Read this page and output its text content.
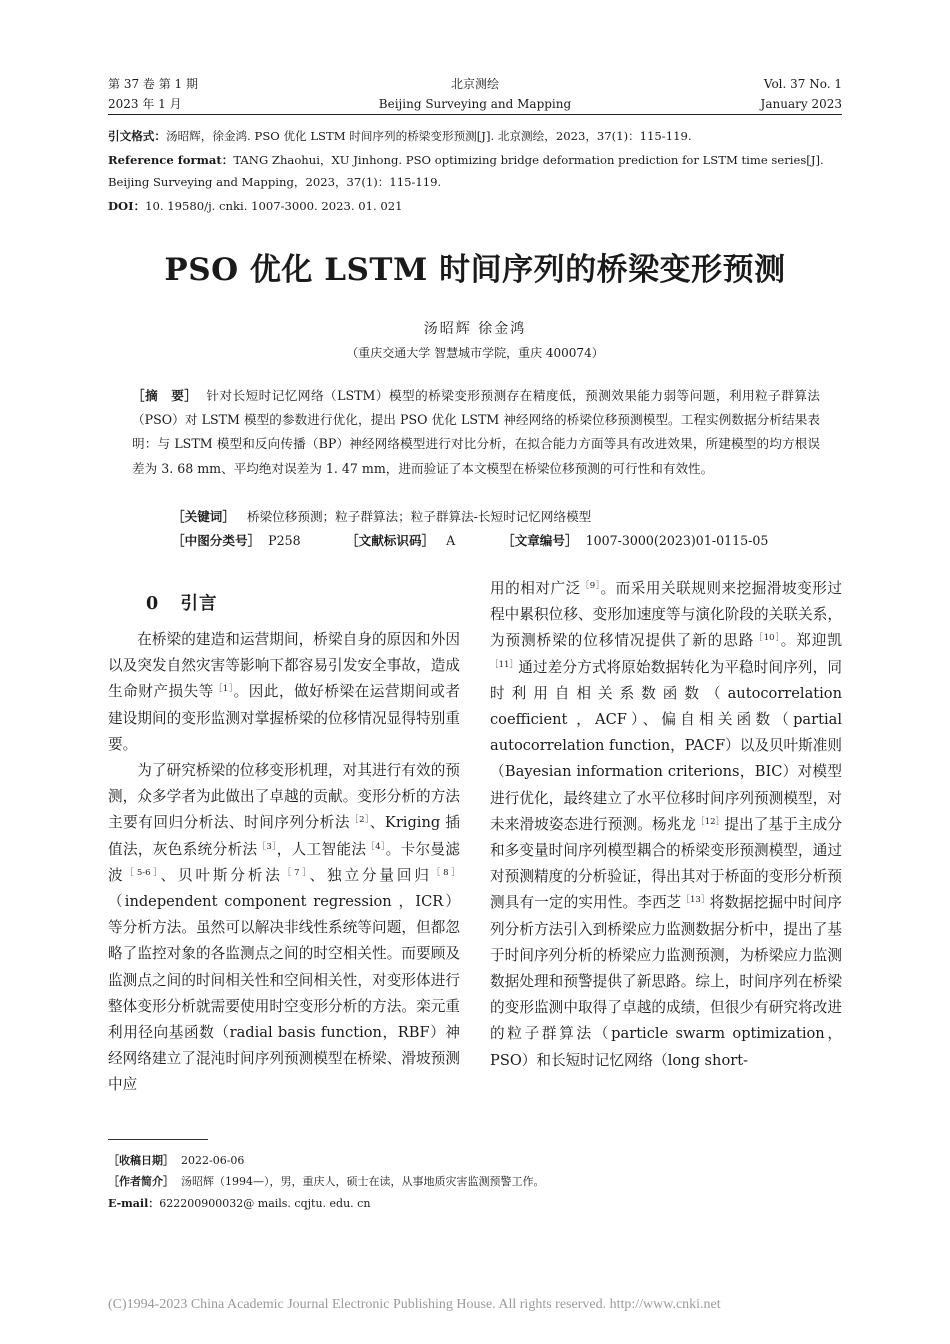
第 37 卷 第 1 期
2023 年 1 月
北京测绘
Beijing Surveying and Mapping
Vol. 37 No. 1
January 2023
引文格式：汤昭辉，徐金鸿. PSO 优化 LSTM 时间序列的桥梁变形预测[J]. 北京测绘，2023，37(1)：115-119.
Reference format：TANG Zhaohui，XU Jinhong. PSO optimizing bridge deformation prediction for LSTM time series[J].
Beijing Surveying and Mapping，2023，37(1)：115-119.
DOI：10. 19580/j. cnki. 1007-3000. 2023. 01. 021
PSO 优化 LSTM 时间序列的桥梁变形预测
汤昭辉 徐金鸿
（重庆交通大学 智慧城市学院，重庆 400074）
［摘　要］ 针对长短时记忆网络（LSTM）模型的桥梁变形预测存在精度低，预测效果能力弱等问题，利用粒子群算法（PSO）对 LSTM 模型的参数进行优化，提出 PSO 优化 LSTM 神经网络的桥梁位移预测模型。工程实例数据分析结果表明：与 LSTM 模型和反向传播（BP）神经网络模型进行对比分析，在拟合能力方面等具有改进效果，所建模型的均方根误差为 3. 68 mm、平均绝对误差为 1. 47 mm，进而验证了本文模型在桥梁位移预测的可行性和有效性。
［关键词］ 桥梁位移预测；粒子群算法；粒子群算法-长短时记忆网络模型
［中图分类号］ P258	［文献标识码］ A	［文章编号］ 1007-3000(2023)01-0115-05
0 引言

在桥梁的建造和运营期间，桥梁自身的原因和外因以及突发自然灾害等影响下都容易引发安全事故，造成生命财产损失等$^{[1]}$。因此，做好桥梁在运营期间或者建设期间的变形监测对掌握桥梁的位移情况显得特别重要。

为了研究桥梁的位移变形机理，对其进行有效的预测，众多学者为此做出了卓越的贡献。变形分析的方法主要有回归分析法、时间序列分析法$^{[2]}$、Kriging 插值法，灰色系统分析法$^{[3]}$，人工智能法$^{[4]}$。卡尔曼滤波$^{[5-6]}$、贝叶斯分析法$^{[7]}$、独立分量回归$^{[8]}$（independent component regression ，ICR）等分析方法。虽然可以解决非线性系统等问题，但都忽略了监控对象的各监测点之间的时空相关性。而要顾及监测点之间的时间相关性和空间相关性，对变形体进行整体变形分析就需要使用时空变形分析的方法。栾元重利用径向基函数（radial basis function，RBF）神经网络建立了混沌时间序列预测模型在桥梁、滑坡预测中应

用的相对广泛$^{[9]}$。而采用关联规则来挖掘滑坡变形过程中累积位移、变形加速度等与演化阶段的关联关系，为预测桥梁的位移情况提供了新的思路$^{[10]}$。郑迎凯$^{[11]}$通过差分方式将原始数据转化为平稳时间序列，同时利用自相关系数函数（autocorrelation coefficient ，ACF）、偏自相关函数（partial autocorrelation function，PACF）以及贝叶斯准则（Bayesian information criterions，BIC）对模型进行优化，最终建立了水平位移时间序列预测模型，对未来滑坡姿态进行预测。杨兆龙$^{[12]}$提出了基于主成分和多变量时间序列模型耦合的桥梁变形预测模型，通过对预测精度的分析验证，得出其对于桥面的变形分析预测具有一定的实用性。李西芝$^{[13]}$将数据挖掘中时间序列分析方法引入到桥梁应力监测数据分析中，提出了基于时间序列分析的桥梁应力监测预测，为桥梁应力监测数据处理和预警提供了新思路。综上，时间序列在桥梁的变形监测中取得了卓越的成绩，但很少有研究将改进的粒子群算法（particle swarm optimization，PSO）和长短时记忆网络（long short-

［收稿日期］ 2022-06-06
［作者简介］ 汤昭辉（1994—），男，重庆人，硕士在读，从事地质灾害监测预警工作。
E-mail：622200900032@ mails. cqjtu. edu. cn
(C)1994-2023 China Academic Journal Electronic Publishing House. All rights reserved. http://www.cnki.net
